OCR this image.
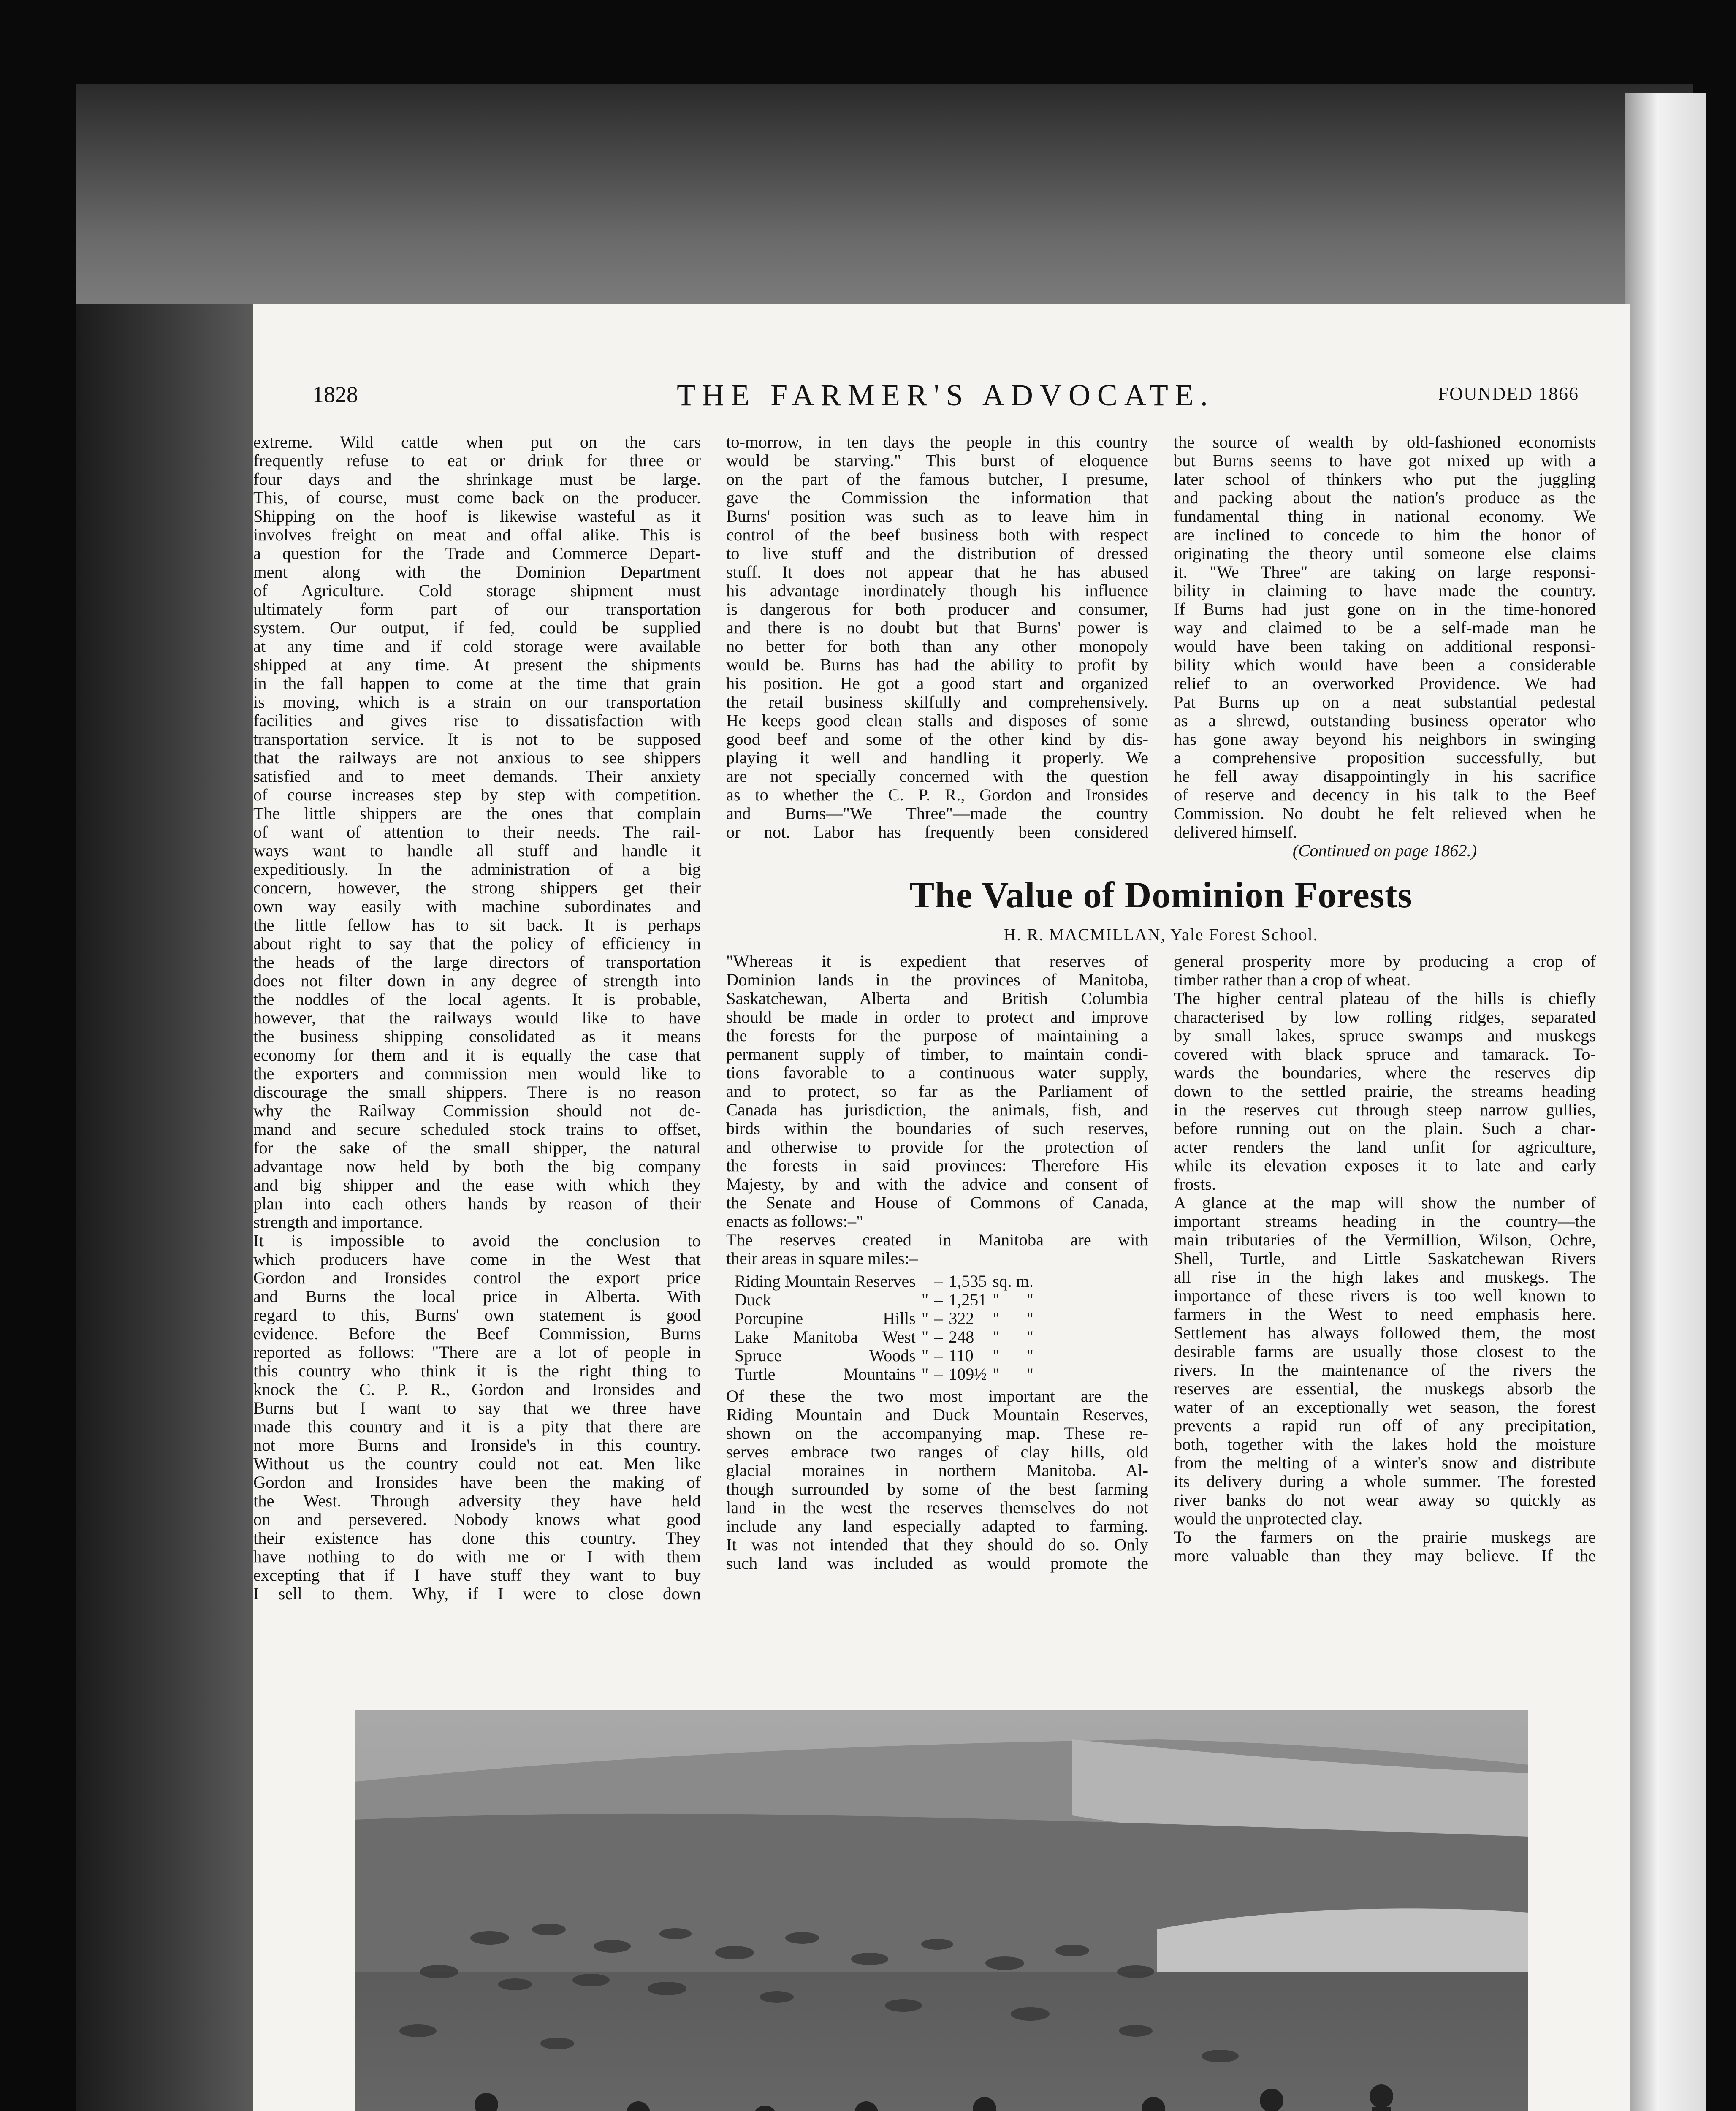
1828	THE FARMER'S ADVOCATE.	FOUNDED 1866
extreme. Wild cattle when put on the cars
frequently refuse to eat or drink for three or
four days and the shrinkage must be large.
This, of course, must come back on the producer.
Shipping on the hoof is likewise wasteful as it
involves freight on meat and offal alike. This is
a question for the Trade and Commerce Depart-
ment along with the Dominion Department
of Agriculture. Cold storage shipment must
ultimately form part of our transportation
system. Our output, if fed, could be supplied
at any time and if cold storage were available
shipped at any time. At present the shipments
in the fall happen to come at the time that grain
is moving, which is a strain on our transportation
facilities and gives rise to dissatisfaction with
transportation service. It is not to be supposed
that the railways are not anxious to see shippers
satisfied and to meet demands. Their anxiety
of course increases step by step with competition.
The little shippers are the ones that complain
of want of attention to their needs. The rail-
ways want to handle all stuff and handle it
expeditiously. In the administration of a big
concern, however, the strong shippers get their
own way easily with machine subordinates and
the little fellow has to sit back. It is perhaps
about right to say that the policy of efficiency in
the heads of the large directors of transportation
does not filter down in any degree of strength into
the noddles of the local agents. It is probable,
however, that the railways would like to have
the business shipping consolidated as it means
economy for them and it is equally the case that
the exporters and commission men would like to
discourage the small shippers. There is no reason
why the Railway Commission should not de-
mand and secure scheduled stock trains to offset,
for the sake of the small shipper, the natural
advantage now held by both the big company
and big shipper and the ease with which they
plan into each others hands by reason of their
strength and importance.
It is impossible to avoid the conclusion to
which producers have come in the West that
Gordon and Ironsides control the export price
and Burns the local price in Alberta. With
regard to this, Burns' own statement is good
evidence. Before the Beef Commission, Burns
reported as follows: "There are a lot of people in
this country who think it is the right thing to
knock the C. P. R., Gordon and Ironsides and
Burns but I want to say that we three have
made this country and it is a pity that there are
not more Burns and Ironside's in this country.
Without us the country could not eat. Men like
Gordon and Ironsides have been the making of
the West. Through adversity they have held
on and persevered. Nobody knows what good
their existence has done this country. They
have nothing to do with me or I with them
excepting that if I have stuff they want to buy
I sell to them. Why, if I were to close down
to-morrow, in ten days the people in this country
would be starving." This burst of eloquence
on the part of the famous butcher, I presume,
gave the Commission the information that
Burns' position was such as to leave him in
control of the beef business both with respect
to live stuff and the distribution of dressed
stuff. It does not appear that he has abused
his advantage inordinately though his influence
is dangerous for both producer and consumer,
and there is no doubt but that Burns' power is
no better for both than any other monopoly
would be. Burns has had the ability to profit by
his position. He got a good start and organized
the retail business skilfully and comprehensively.
He keeps good clean stalls and disposes of some
good beef and some of the other kind by dis-
playing it well and handling it properly. We
are not specially concerned with the question
as to whether the C. P. R., Gordon and Ironsides
and Burns—"We Three"—made the country
or not. Labor has frequently been considered
the source of wealth by old-fashioned economists
but Burns seems to have got mixed up with a
later school of thinkers who put the juggling
and packing about the nation's produce as the
fundamental thing in national economy. We
are inclined to concede to him the honor of
originating the theory until someone else claims
it. "We Three" are taking on large responsi-
bility in claiming to have made the country.
If Burns had just gone on in the time-honored
way and claimed to be a self-made man he
would have been taking on additional responsi-
bility which would have been a considerable
relief to an overworked Providence. We had
Pat Burns up on a neat substantial pedestal
as a shrewd, outstanding business operator who
has gone away beyond his neighbors in swinging
a comprehensive proposition successfully, but
he fell away disappointingly in his sacrifice
of reserve and decency in his talk to the Beef
Commission. No doubt he felt relieved when he
delivered himself.
(Continued on page 1862.)
The Value of Dominion Forests
H. R. MACMILLAN, Yale Forest School.
"Whereas it is expedient that reserves of
Dominion lands in the provinces of Manitoba,
Saskatchewan, Alberta and British Columbia
should be made in order to protect and improve
the forests for the purpose of maintaining a
permanent supply of timber, to maintain condi-
tions favorable to a continuous water supply,
and to protect, so far as the Parliament of
Canada has jurisdiction, the animals, fish, and
birds within the boundaries of such reserves,
and otherwise to provide for the protection of
the forests in said provinces: Therefore His
Majesty, by and with the advice and consent of
the Senate and House of Commons of Canada,
enacts as follows:–"
The reserves created in Manitoba are with
their areas in square miles:–
Riding Mountain Reserves		–	1,535	sq. m.
Duck	"	–	1,251	" "
Porcupine Hills	"	–	322	" "
Lake Manitoba West	"	–	248	" "
Spruce Woods	"	–	110	" "
Turtle Mountains	"	–	109½	" "
Of these the two most important are the
Riding Mountain and Duck Mountain Reserves,
shown on the accompanying map. These re-
serves embrace two ranges of clay hills, old
glacial moraines in northern Manitoba. Al-
though surrounded by some of the best farming
land in the west the reserves themselves do not
include any land especially adapted to farming.
It was not intended that they should do so. Only
such land was included as would promote the
general prosperity more by producing a crop of
timber rather than a crop of wheat.
The higher central plateau of the hills is chiefly
characterised by low rolling ridges, separated
by small lakes, spruce swamps and muskegs
covered with black spruce and tamarack. To-
wards the boundaries, where the reserves dip
down to the settled prairie, the streams heading
in the reserves cut through steep narrow gullies,
before running out on the plain. Such a char-
acter renders the land unfit for agriculture,
while its elevation exposes it to late and early
frosts.
A glance at the map will show the number of
important streams heading in the country—the
main tributaries of the Vermillion, Wilson, Ochre,
Shell, Turtle, and Little Saskatchewan Rivers
all rise in the high lakes and muskegs. The
importance of these rivers is too well known to
farmers in the West to need emphasis here.
Settlement has always followed them, the most
desirable farms are usually those closest to the
rivers. In the maintenance of the rivers the
reserves are essential, the muskegs absorb the
water of an exceptionally wet season, the forest
prevents a rapid run off of any precipitation,
both, together with the lakes hold the moisture
from the melting of a winter's snow and distribute
its delivery during a whole summer. The forested
river banks do not wear away so quickly as
would the unprotected clay.
To the farmers on the prairie muskegs are
more valuable than they may believe. If the
